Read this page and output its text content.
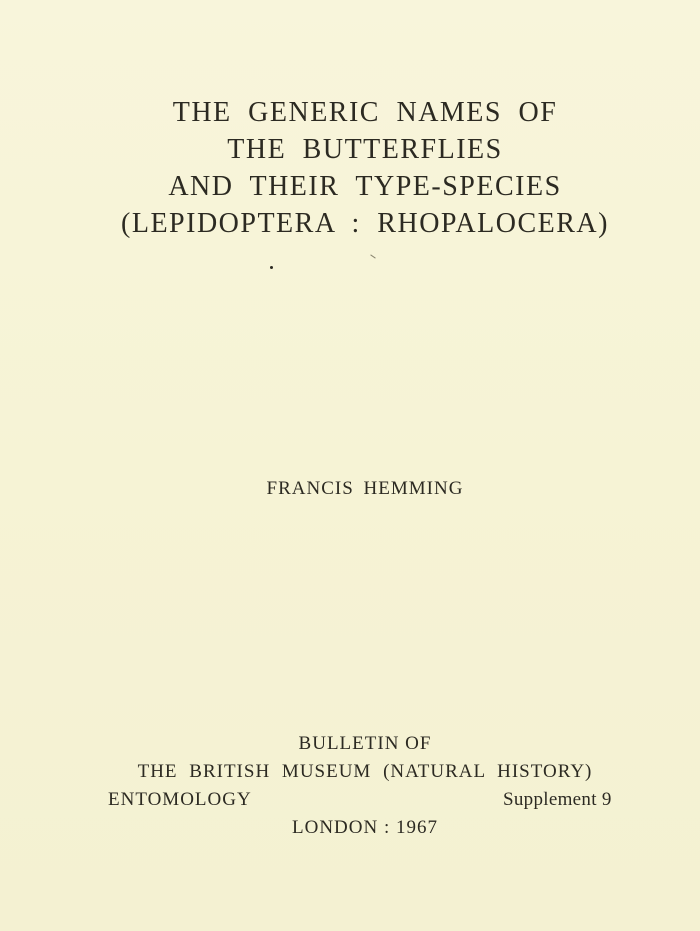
THE GENERIC NAMES OF
THE BUTTERFLIES
AND THEIR TYPE-SPECIES
(LEPIDOPTERA : RHOPALOCERA)
FRANCIS HEMMING
BULLETIN OF
THE BRITISH MUSEUM (NATURAL HISTORY)
ENTOMOLOGY	Supplement 9
LONDON : 1967
